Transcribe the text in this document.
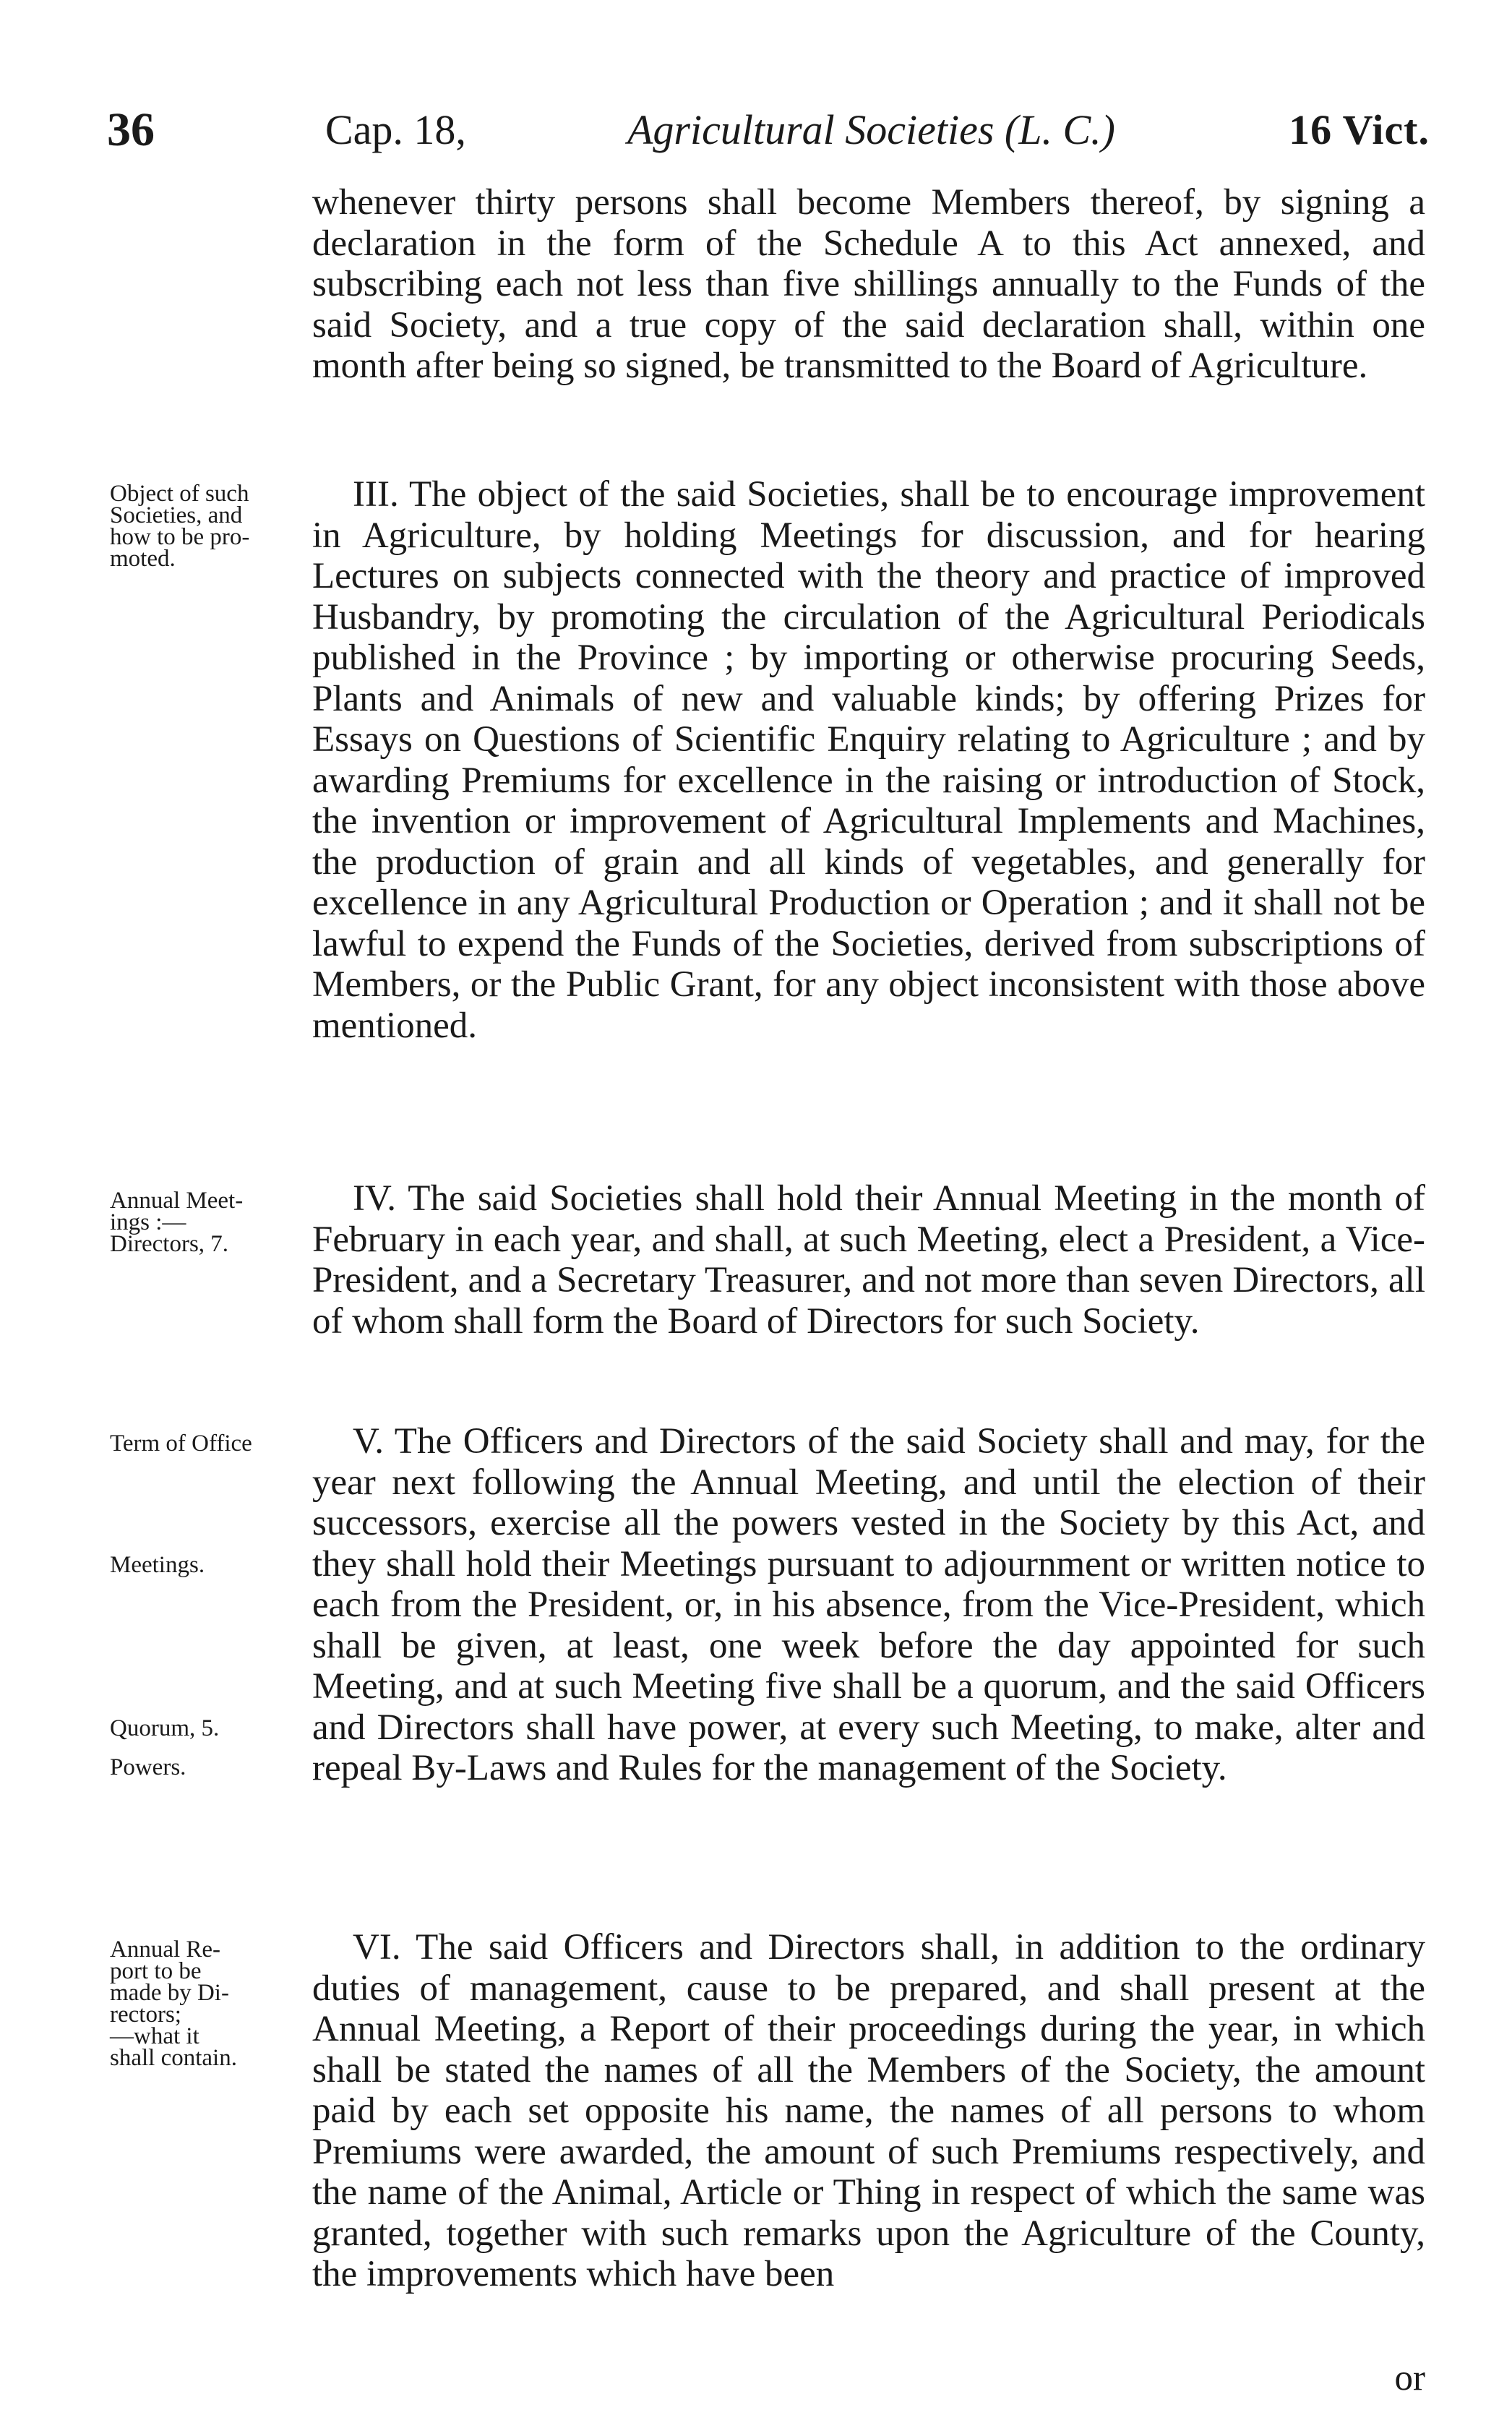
36	Cap. 18,	Agricultural Societies (L. C.)	16 Vict.

whenever thirty persons shall become Members thereof, by signing a declaration in the form of the Schedule A to this Act annexed, and subscribing each not less than five shillings annually to the Funds of the said Society, and a true copy of the said declaration shall, within one month after being so signed, be transmitted to the Board of Agriculture.

Object of such
Societies, and
how to be pro-
moted.

III. The object of the said Societies, shall be to encourage improvement in Agriculture, by holding Meetings for discussion, and for hearing Lectures on subjects connected with the theory and practice of improved Husbandry, by promoting the circulation of the Agricultural Periodicals published in the Province ; by importing or otherwise procuring Seeds, Plants and Animals of new and valuable kinds; by offering Prizes for Essays on Questions of Scientific Enquiry relating to Agriculture ; and by awarding Premiums for excellence in the raising or introduction of Stock, the invention or improvement of Agricultural Implements and Machines, the production of grain and all kinds of vegetables, and generally for excellence in any Agricultural Production or Operation ; and it shall not be lawful to expend the Funds of the Societies, derived from subscriptions of Members, or the Public Grant, for any object inconsistent with those above mentioned.

Annual Meet-
ings :—
Directors, 7.

IV. The said Societies shall hold their Annual Meeting in the month of February in each year, and shall, at such Meeting, elect a President, a Vice-President, and a Secretary Treasurer, and not more than seven Directors, all of whom shall form the Board of Directors for such Society.

Term of Office
Meetings.
Quorum, 5.
Powers.

V. The Officers and Directors of the said Society shall and may, for the year next following the Annual Meeting, and until the election of their successors, exercise all the powers vested in the Society by this Act, and they shall hold their Meetings pursuant to adjournment or written notice to each from the President, or, in his absence, from the Vice-President, which shall be given, at least, one week before the day appointed for such Meeting, and at such Meeting five shall be a quorum, and the said Officers and Directors shall have power, at every such Meeting, to make, alter and repeal By-Laws and Rules for the management of the Society.

Annual Re-
port to be
made by Di-
rectors;
—what it
shall contain.

VI. The said Officers and Directors shall, in addition to the ordinary duties of management, cause to be prepared, and shall present at the Annual Meeting, a Report of their proceedings during the year, in which shall be stated the names of all the Members of the Society, the amount paid by each set opposite his name, the names of all persons to whom Premiums were awarded, the amount of such Premiums respectively, and the name of the Animal, Article or Thing in respect of which the same was granted, together with such remarks upon the Agriculture of the County, the improvements which have been

or
